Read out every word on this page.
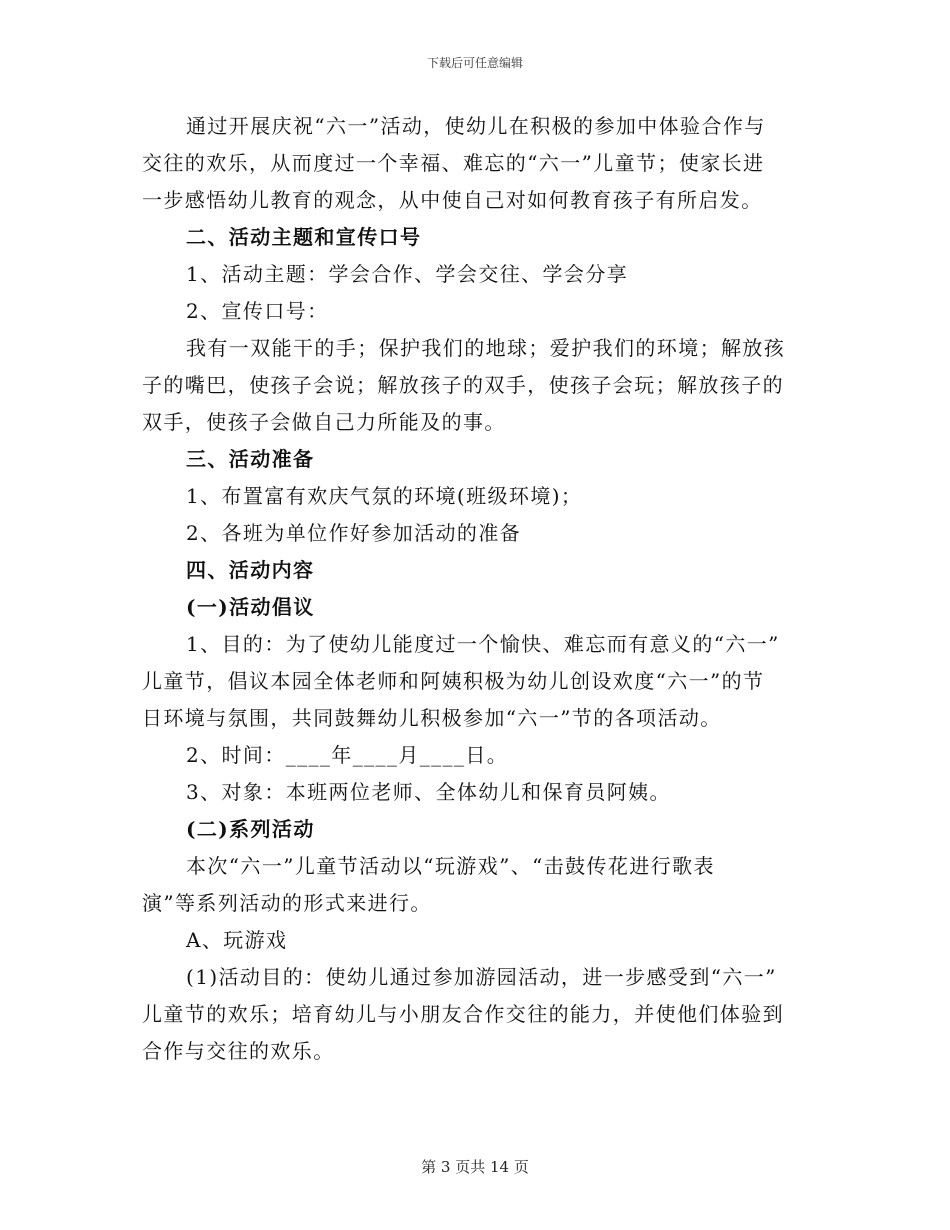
下载后可任意编辑
通过开展庆祝“六一”活动，使幼儿在积极的参加中体验合作与
交往的欢乐，从而度过一个幸福、难忘的“六一”儿童节；使家长进
一步感悟幼儿教育的观念，从中使自己对如何教育孩子有所启发。
二、活动主题和宣传口号
1、活动主题：学会合作、学会交往、学会分享
2、宣传口号：
我有一双能干的手；保护我们的地球；爱护我们的环境；解放孩
子的嘴巴，使孩子会说；解放孩子的双手，使孩子会玩；解放孩子的
双手，使孩子会做自己力所能及的事。
三、活动准备
1、布置富有欢庆气氛的环境(班级环境)；
2、各班为单位作好参加活动的准备
四、活动内容
(一)活动倡议
1、目的：为了使幼儿能度过一个愉快、难忘而有意义的“六一”
儿童节，倡议本园全体老师和阿姨积极为幼儿创设欢度“六一”的节
日环境与氛围，共同鼓舞幼儿积极参加“六一”节的各项活动。
2、时间：____年____月____日。
3、对象：本班两位老师、全体幼儿和保育员阿姨。
(二)系列活动
本次“六一”儿童节活动以“玩游戏”、“击鼓传花进行歌表
演”等系列活动的形式来进行。
A、玩游戏
(1)活动目的：使幼儿通过参加游园活动，进一步感受到“六一”
儿童节的欢乐；培育幼儿与小朋友合作交往的能力，并使他们体验到
合作与交往的欢乐。
第 3 页共 14 页
